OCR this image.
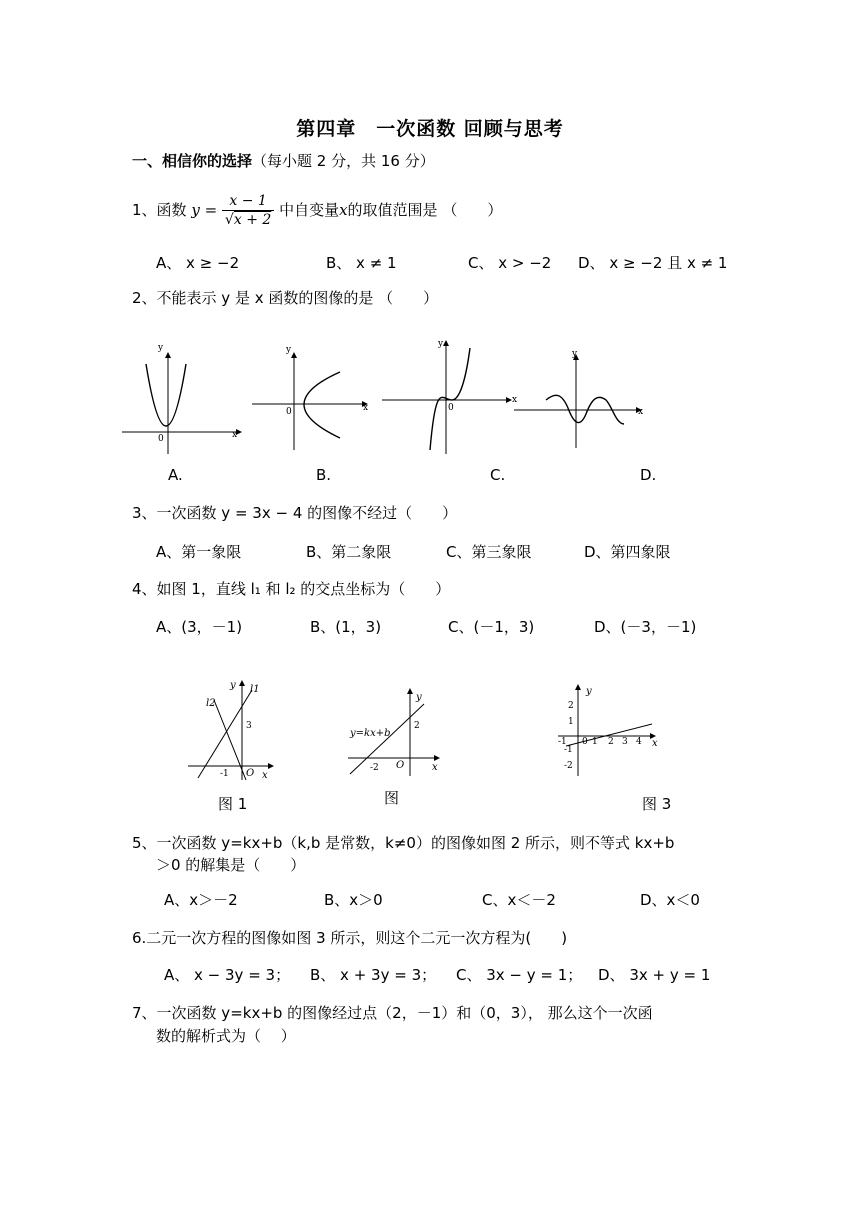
第四章　一次函数 回顾与思考
一、相信你的选择（每小题 2 分，共 16 分）
1、函数 $y = \frac{x - 1}{√x + 2}$ 中自变量x的取值范围是 （　　）
A、 x ≥ −2	B、 x ≠ 1	C、 x > −2 D、 x ≥ −2 且 x ≠ 1
2、不能表示 y 是 x 函数的图像的是 （　　）
y
x
0
y
x
0
y
x
0
y
x
A.	B.	C.	D.
3、一次函数 y = 3x − 4 的图像不经过（　　）
A、第一象限	B、第二象限	C、第三象限	D、第四象限
4、如图 1，直线 l₁ 和 l₂ 的交点坐标为（　　）
A、(3，－1)	B、(1，3)	C、(－1，3)	D、(－3，－1)
l1
l2
y
x
O
3
-1
图 1
y=kx+b
y
x
O
2
-2
图
y
x
2
1
-1
-2
-1 0 1 2 3 4
图 3
5、一次函数 y=kx+b（k,b 是常数，k≠0）的图像如图 2 所示，则不等式 kx+b
＞0 的解集是（　　）
A、x＞－2	B、x＞0	C、x＜－2	D、x＜0
6.二元一次方程的图像如图 3 所示，则这个二元一次方程为(　　)
A、 x − 3y = 3； B、 x + 3y = 3； C、 3x − y = 1； D、 3x + y = 1
7、一次函数 y=kx+b 的图像经过点（2，－1）和（0，3）， 那么这个一次函
数的解析式为（　 ）
